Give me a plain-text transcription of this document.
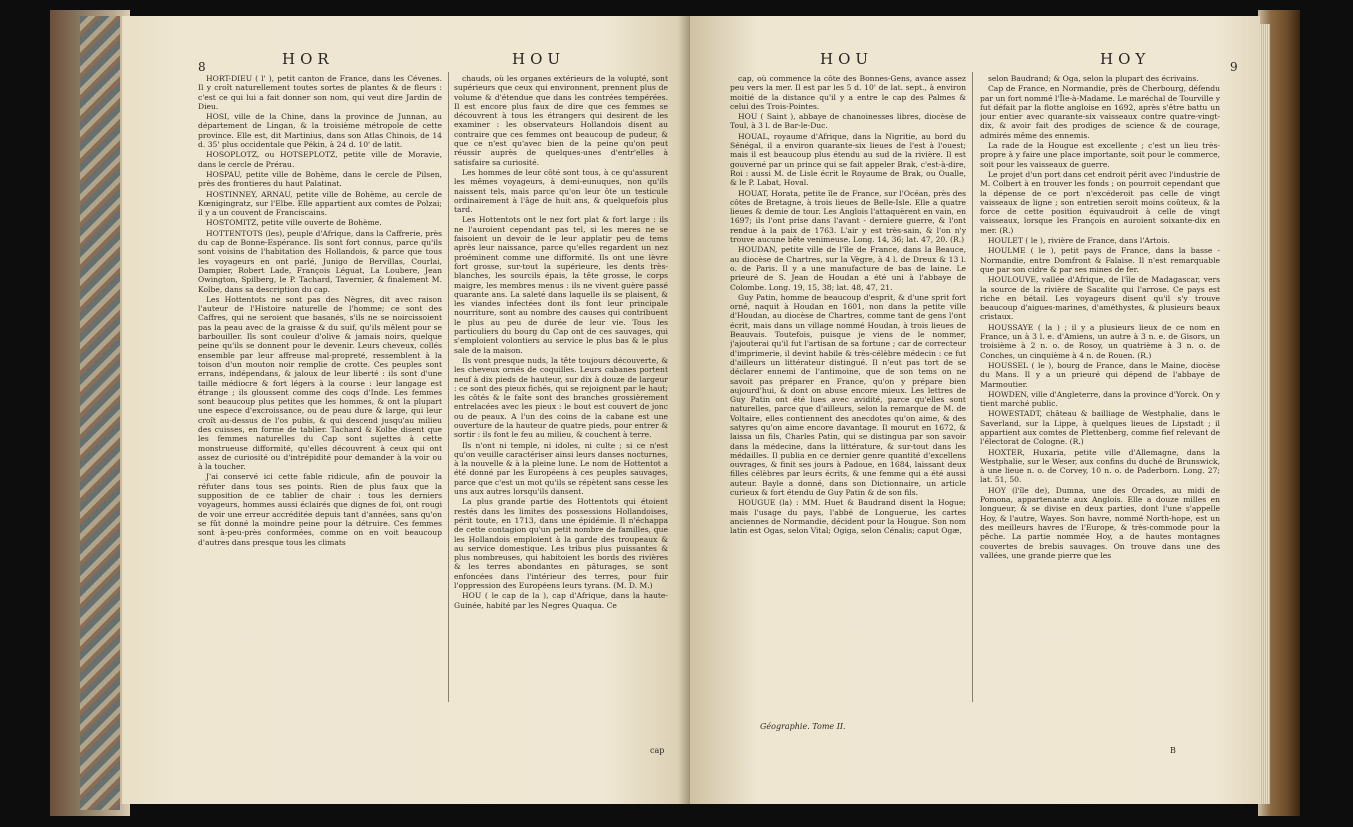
8	HOR	HOU

HORT-DIEU ( l' ), petit canton de France, dans les Cévenes. Il y croît naturellement toutes sortes de plantes & de fleurs : c'est ce qui lui a fait donner son nom, qui veut dire Jardin de Dieu.

HOSI, ville de la Chine, dans la province de Junnan, au département de Lingan, & la troisième métropole de cette province. Elle est, dit Martinius, dans son Atlas Chinois, de 14 d. 35' plus occidentale que Pékin, à 24 d. 10' de latit.

HOSOPLOTZ, ou HOTSEPLOTZ, petite ville de Moravie, dans le cercle de Prérau.

HOSPAU, petite ville de Bohème, dans le cercle de Pilsen, près des frontieres du haut Palatinat.

HOSTINNEY, ARNAU, petite ville de Bohème, au cercle de Kœnigingratz, sur l'Elbe. Elle appartient aux comtes de Polzai; il y a un couvent de Franciscains.

HOSTOMITZ, petite ville ouverte de Bohème.

HOTTENTOTS (les), peuple d'Afrique, dans la Caffrerie, près du cap de Bonne-Espérance. Ils sont fort connus, parce qu'ils sont voisins de l'habitation des Hollandois, & parce que tous les voyageurs en ont parlé, Junigo de Bervillas, Courlai, Dampier, Robert Lade, François Léguat, La Loubere, Jean Owington, Spilberg, le P. Tachard, Tavernier, & finalement M. Kolbe, dans sa description du cap.

Les Hottentots ne sont pas des Nègres, dit avec raison l'auteur de l'Histoire naturelle de l'homme; ce sont des Caffres, qui ne seroient que basanés, s'ils ne se noircissoient pas la peau avec de la graisse & du suif, qu'ils mêlent pour se barbouiller. Ils sont couleur d'olive & jamais noirs, quelque peine qu'ils se donnent pour le devenir. Leurs cheveux, collés ensemble par leur affreuse mal-propreté, ressemblent à la toison d'un mouton noir remplie de crotte. Ces peuples sont errans, indépendans, & jaloux de leur liberté : ils sont d'une taille médiocre & fort légers à la course : leur langage est étrange ; ils gloussent comme des coqs d'Inde. Les femmes sont beaucoup plus petites que les hommes, & ont la plupart une espece d'excroissance, ou de peau dure & large, qui leur croît au-dessus de l'os pubis, & qui descend jusqu'au milieu des cuisses, en forme de tablier. Tachard & Kolbe disent que les femmes naturelles du Cap sont sujettes à cette monstrueuse difformité, qu'elles découvrent à ceux qui ont assez de curiosité ou d'intrépidité pour demander à la voir ou à la toucher.

J'ai conservé ici cette fable ridicule, afin de pouvoir la réfuter dans tous ses points. Rien de plus faux que la supposition de ce tablier de chair : tous les derniers voyageurs, hommes aussi éclairés que dignes de foi, ont rougi de voir une erreur accréditée depuis tant d'années, sans qu'on se fût donné la moindre peine pour la détruire. Ces femmes sont à-peu-près conformées, comme on en voit beaucoup d'autres dans presque tous les climats

chauds, où les organes extérieurs de la volupté, sont supérieurs que ceux qui environnent, prennent plus de volume & d'étendue que dans les contrées tempérées. Il est encore plus faux de dire que ces femmes se découvrent à tous les étrangers qui desirent de les examiner : les observateurs Hollandois disent au contraire que ces femmes ont beaucoup de pudeur, & que ce n'est qu'avec bien de la peine qu'on peut réussir auprès de quelques-unes d'entr'elles à satisfaire sa curiosité.

Les hommes de leur côté sont tous, à ce qu'assurent les mêmes voyageurs, à demi-eunuques, non qu'ils naissent tels, mais parce qu'on leur ôte un testicule ordinairement à l'âge de huit ans, & quelquefois plus tard.

Les Hottentots ont le nez fort plat & fort large : ils ne l'auroient cependant pas tel, si les meres ne se faisoient un devoir de le leur applatir peu de tems après leur naissance, parce qu'elles regardent un nez proéminent comme une difformité. Ils ont une lèvre fort grosse, sur-tout la supérieure, les dents très-blanches, les sourcils épais, la tête grosse, le corps maigre, les membres menus : ils ne vivent guère passé quarante ans. La saleté dans laquelle ils se plaisent, & les viandes infectées dont ils font leur principale nourriture, sont au nombre des causes qui contribuent le plus au peu de durée de leur vie. Tous les particuliers du bourg du Cap ont de ces sauvages, qui s'emploient volontiers au service le plus bas & le plus sale de la maison.

Ils vont presque nuds, la tête toujours découverte, & les cheveux ornés de coquilles. Leurs cabanes portent neuf à dix pieds de hauteur, sur dix à douze de largeur : ce sont des pieux fichés, qui se rejoignent par le haut; les côtés & le faîte sont des branches grossièrement entrelacées avec les pieux : le bout est couvert de jonc ou de peaux. A l'un des coins de la cabane est une ouverture de la hauteur de quatre pieds, pour entrer & sortir : ils font le feu au milieu, & couchent à terre.

Ils n'ont ni temple, ni idoles, ni culte ; si ce n'est qu'on veuille caractériser ainsi leurs danses nocturnes, à la nouvelle & à la pleine lune. Le nom de Hottentot a été donné par les Européens à ces peuples sauvages, parce que c'est un mot qu'ils se répètent sans cesse les uns aux autres lorsqu'ils dansent.

La plus grande partie des Hottentots qui étoient restés dans les limites des possessions Hollandoises, périt toute, en 1713, dans une épidémie. Il n'échappa de cette contagion qu'un petit nombre de familles, que les Hollandois emploient à la garde des troupeaux & au service domestique. Les tribus plus puissantes & plus nombreuses, qui habitoient les bords des rivières & les terres abondantes en pâturages, se sont enfoncées dans l'intérieur des terres, pour fuir l'oppression des Européens leurs tyrans. (M. D. M.)

HOU ( le cap de la ), cap d'Afrique, dans la haute-Guinée, habité par les Negres Quaqua. Ce

cap
HOU	HOY	9

cap, où commence la côte des Bonnes-Gens, avance assez peu vers la mer. Il est par les 5 d. 10' de lat. sept., à environ moitié de la distance qu'il y a entre le cap des Palmes & celui des Trois-Pointes.

HOU ( Saint ), abbaye de chanoinesses libres, diocèse de Toul, à 3 l. de Bar-le-Duc.

HOUAL, royaume d'Afrique, dans la Nigritie, au bord du Sénégal, il a environ quarante-six lieues de l'est à l'ouest; mais il est beaucoup plus étendu au sud de la rivière. Il est gouverné par un prince qui se fait appeler Brak, c'est-à-dire, Roi : aussi M. de Lisle écrit le Royaume de Brak, ou Oualle, & le P. Labat, Hoval.

HOUAT, Horata, petite île de France, sur l'Océan, près des côtes de Bretagne, à trois lieues de Belle-Isle. Elle a quatre lieues & demie de tour. Les Anglois l'attaquèrent en vain, en 1697; ils l'ont prise dans l'avant - derniere guerre, & l'ont rendue à la paix de 1763. L'air y est très-sain, & l'on n'y trouve aucune bête venimeuse. Long. 14, 36; lat. 47, 20. (R.)

HOUDAN, petite ville de l'île de France, dans la Beauce, au diocèse de Chartres, sur la Vègre, à 4 l. de Dreux & 13 l. o. de Paris. Il y a une manufacture de bas de laine. Le prieuré de S. Jean de Houdan a été uni à l'abbaye de Colombe. Long. 19, 15, 38; lat. 48, 47, 21.

Guy Patin, homme de beaucoup d'esprit, & d'une sprit fort orné, naquit à Houdan en 1601, non dans la petite ville d'Houdan, au diocèse de Chartres, comme tant de gens l'ont écrit, mais dans un village nommé Houdan, à trois lieues de Beauvais. Toutefois, puisque je viens de le nommer, j'ajouterai qu'il fut l'artisan de sa fortune ; car de correcteur d'imprimerie, il devint habile & très-célèbre médecin : ce fut d'ailleurs un littérateur distingué. Il n'eut pas tort de se déclarer ennemi de l'antimoine, que de son tems on ne savoit pas préparer en France, qu'on y prépare bien aujourd'hui, & dont on abuse encore mieux. Les lettres de Guy Patin ont été lues avec avidité, parce qu'elles sont naturelles, parce que d'ailleurs, selon la remarque de M. de Voltaire, elles contiennent des anecdotes qu'on aime, & des satyres qu'on aime encore davantage. Il mourut en 1672, & laissa un fils, Charles Patin, qui se distingua par son savoir dans la médecine, dans la littérature, & sur-tout dans les médailles. Il publia en ce dernier genre quantité d'excellens ouvrages, & finit ses jours à Padoue, en 1684, laissant deux filles célèbres par leurs écrits, & une femme qui a été aussi auteur. Bayle a donné, dans son Dictionnaire, un article curieux & fort étendu de Guy Patin & de son fils.

HOUGUE (la) : MM. Huet & Baudrand disent la Hogue; mais l'usage du pays, l'abbé de Longuerue, les cartes anciennes de Normandie, décident pour la Hougue. Son nom latin est Ogas, selon Vital; Ogiga, selon Cénalis; caput Ogæ,

Géographie. Tome II.

selon Baudrand; & Oga, selon la plupart des écrivains.

Cap de France, en Normandie, près de Cherbourg, défendu par un fort nommé l'Île-à-Madame. Le maréchal de Tourville y fut défait par la flotte angloise en 1692, après s'être battu un jour entier avec quarante-six vaisseaux contre quatre-vingt-dix, & avoir fait des prodiges de science & de courage, admirés même des ennemis.

La rade de la Hougue est excellente ; c'est un lieu très-propre à y faire une place importante, soit pour le commerce, soit pour les vaisseaux de guerre.

Le projet d'un port dans cet endroit périt avec l'industrie de M. Colbert à en trouver les fonds ; on pourroit cependant que la dépense de ce port n'excéderoit pas celle de vingt vaisseaux de ligne ; son entretien seroit moins coûteux, & la force de cette position équivaudroit à celle de vingt vaisseaux, lorsque les François en auroient soixante-dix en mer. (R.)

HOULET ( le ), rivière de France, dans l'Artois.

HOULME ( le ), petit pays de France, dans la basse - Normandie, entre Domfront & Falaise. Il n'est remarquable que par son cidre & par ses mines de fer.

HOULOUVE, vallée d'Afrique, de l'île de Madagascar, vers la source de la rivière de Sacalite qui l'arrose. Ce pays est riche en bétail. Les voyageurs disent qu'il s'y trouve beaucoup d'aigues-marines, d'améthystes, & plusieurs beaux cristaux.

HOUSSAYE ( la ) ; il y a plusieurs lieux de ce nom en France, un à 3 l. e. d'Amiens, un autre à 3 n. e. de Gisors, un troisième à 2 n. o. de Rosoy, un quatrième à 3 n. o. de Conches, un cinquième à 4 n. de Rouen. (R.)

HOUSSEL ( le ), bourg de France, dans le Maine, diocèse du Mans. Il y a un prieuré qui dépend de l'abbaye de Marmoutier.

HOWDEN, ville d'Angleterre, dans la province d'Yorck. On y tient marché public.

HOWESTADT, château & bailliage de Westphalie, dans le Saverland, sur la Lippe, à quelques lieues de Lipstadt ; il appartient aux comtes de Plettenberg, comme fief relevant de l'électorat de Cologne. (R.)

HOXTER, Huxaria, petite ville d'Allemagne, dans la Westphalie, sur le Weser, aux confins du duché de Brunswick, à une lieue n. o. de Corvey, 10 n. o. de Paderborn. Long. 27; lat. 51, 50.

HOY (l'île de), Dumna, une des Orcades, au midi de Pomona, appartenante aux Anglois. Elle a douze milles en longueur, & se divise en deux parties, dont l'une s'appelle Hoy, & l'autre, Wayes. Son havre, nommé North-hope, est un des meilleurs havres de l'Europe, & très-commode pour la pêche. La partie nommée Hoy, a de hautes montagnes couvertes de brebis sauvages. On trouve dans une des vallées, une grande pierre que les

B
